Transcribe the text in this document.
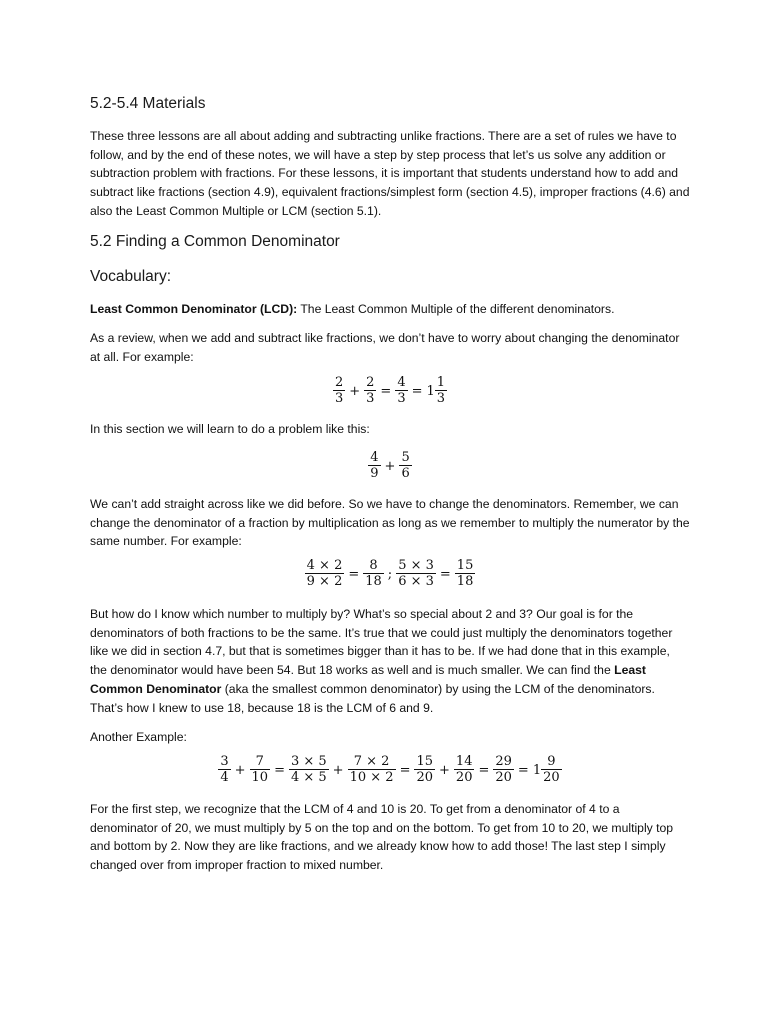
5.2-5.4 Materials

These three lessons are all about adding and subtracting unlike fractions. There are a set of rules we have to follow, and by the end of these notes, we will have a step by step process that let’s us solve any addition or subtraction problem with fractions. For these lessons, it is important that students understand how to add and subtract like fractions (section 4.9), equivalent fractions/simplest form (section 4.5), improper fractions (4.6) and also the Least Common Multiple or LCM (section 5.1).

5.2 Finding a Common Denominator
Vocabulary:

Least Common Denominator (LCD): The Least Common Multiple of the different denominators.

As a review, when we add and subtract like fractions, we don’t have to worry about changing the denominator at all. For example:

$\frac{2}{3} + \frac{2}{3} = \frac{4}{3} = 1 \frac{1}{3}$

In this section we will learn to do a problem like this:

$\frac{4}{9} + \frac{5}{6}$

We can’t add straight across like we did before. So we have to change the denominators. Remember, we can change the denominator of a fraction by multiplication as long as we remember to multiply the numerator by the same number. For example:

$\frac{4 \times 2}{9 \times 2} = \frac{8}{18}$ ; $\frac{5 \times 3}{6 \times 3} = \frac{15}{18}$

But how do I know which number to multiply by? What’s so special about 2 and 3? Our goal is for the denominators of both fractions to be the same. It’s true that we could just multiply the denominators together like we did in section 4.7, but that is sometimes bigger than it has to be. If we had done that in this example, the denominator would have been 54. But 18 works as well and is much smaller. We can find the Least Common Denominator (aka the smallest common denominator) by using the LCM of the denominators. That’s how I knew to use 18, because 18 is the LCM of 6 and 9.

Another Example:

$\frac{3}{4} + \frac{7}{10} = \frac{3 \times 5}{4 \times 5} + \frac{7 \times 2}{10 \times 2} = \frac{15}{20} + \frac{14}{20} = \frac{29}{20} = 1 \frac{9}{20}$

For the first step, we recognize that the LCM of 4 and 10 is 20. To get from a denominator of 4 to a denominator of 20, we must multiply by 5 on the top and on the bottom. To get from 10 to 20, we multiply top and bottom by 2. Now they are like fractions, and we already know how to add those! The last step I simply changed over from improper fraction to mixed number.
